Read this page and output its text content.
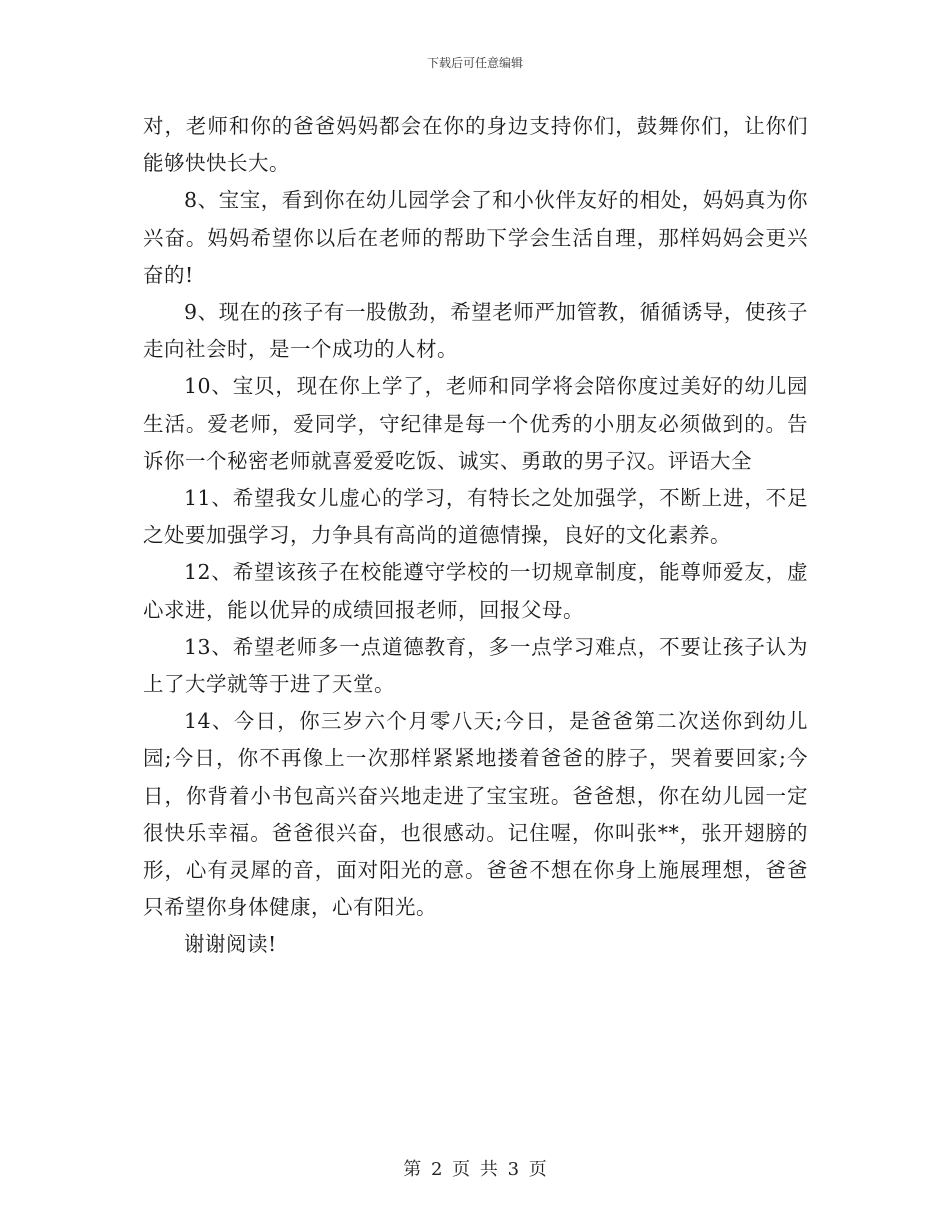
下载后可任意编辑

对，老师和你的爸爸妈妈都会在你的身边支持你们，鼓舞你们，让你们能够快快长大。

8、宝宝，看到你在幼儿园学会了和小伙伴友好的相处，妈妈真为你兴奋。妈妈希望你以后在老师的帮助下学会生活自理，那样妈妈会更兴奋的!

9、现在的孩子有一股傲劲，希望老师严加管教，循循诱导，使孩子走向社会时，是一个成功的人材。

10、宝贝，现在你上学了，老师和同学将会陪你度过美好的幼儿园生活。爱老师，爱同学，守纪律是每一个优秀的小朋友必须做到的。告诉你一个秘密老师就喜爱爱吃饭、诚实、勇敢的男子汉。评语大全

11、希望我女儿虚心的学习，有特长之处加强学，不断上进，不足之处要加强学习，力争具有高尚的道德情操，良好的文化素养。

12、希望该孩子在校能遵守学校的一切规章制度，能尊师爱友，虚心求进，能以优异的成绩回报老师，回报父母。

13、希望老师多一点道德教育，多一点学习难点，不要让孩子认为上了大学就等于进了天堂。

14、今日，你三岁六个月零八天;今日，是爸爸第二次送你到幼儿园;今日，你不再像上一次那样紧紧地搂着爸爸的脖子，哭着要回家;今日，你背着小书包高兴奋兴地走进了宝宝班。爸爸想，你在幼儿园一定很快乐幸福。爸爸很兴奋，也很感动。记住喔，你叫张**，张开翅膀的形，心有灵犀的音，面对阳光的意。爸爸不想在你身上施展理想，爸爸只希望你身体健康，心有阳光。

谢谢阅读!

第 2 页 共 3 页
